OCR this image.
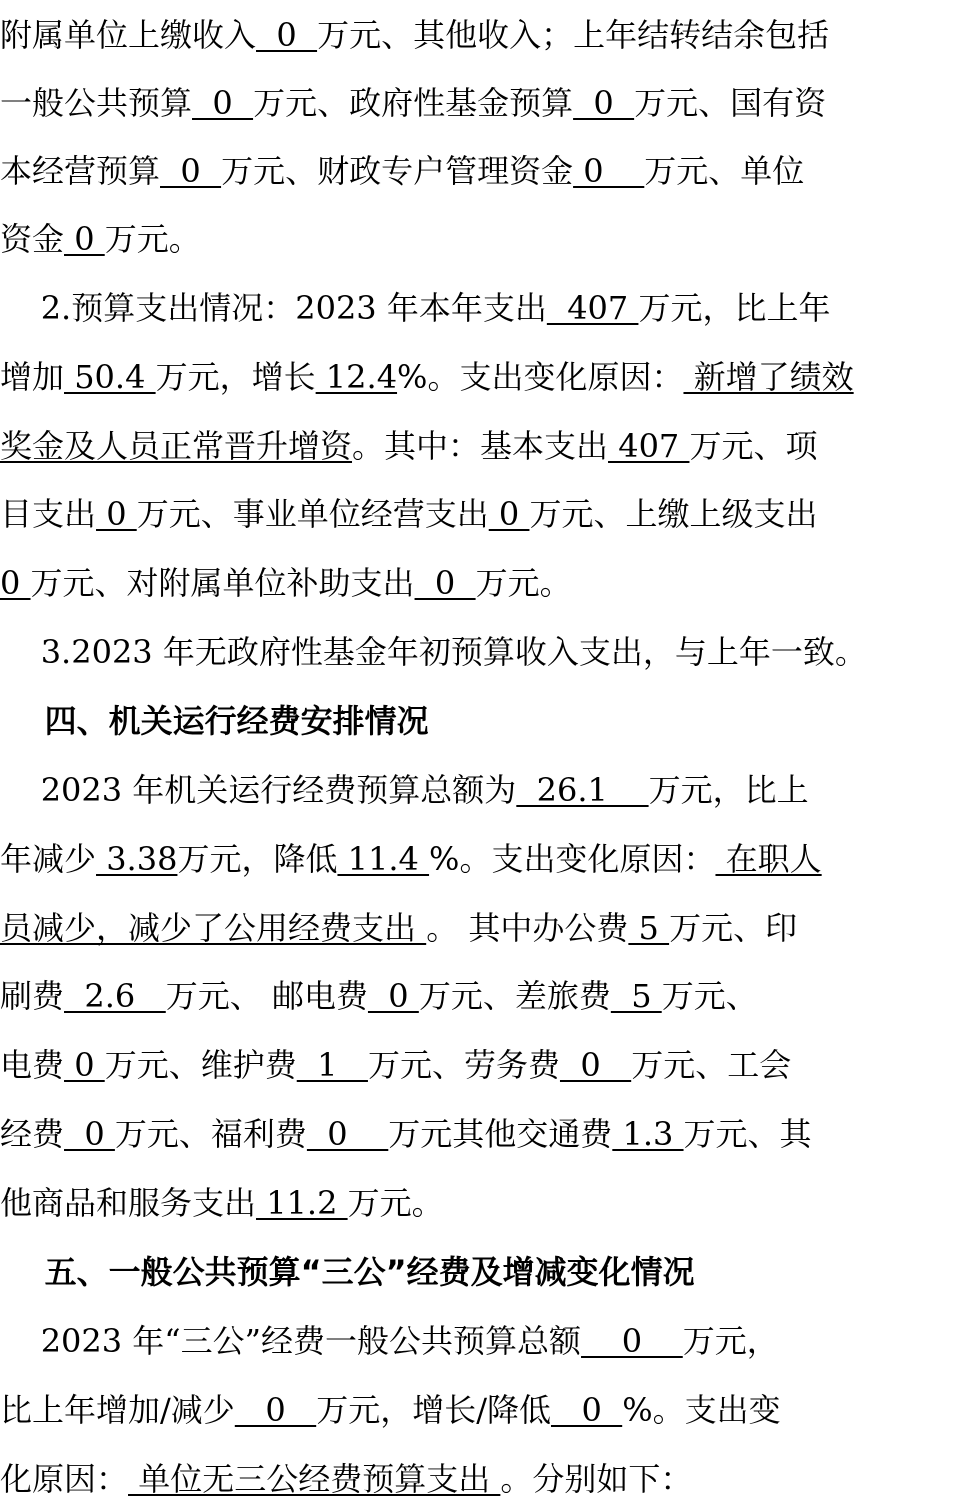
附属单位上缴收入  0  万元、其他收入；上年结转结余包括
一般公共预算  0  万元、政府性基金预算  0  万元、国有资
本经营预算  0  万元、财政专户管理资金 0    万元、单位
资金 0 万元。
2.预算支出情况：2023 年本年支出  407 万元，比上年
增加 50.4 万元，增长 12.4%。支出变化原因： 新增了绩效
奖金及人员正常晋升增资。其中：基本支出 407 万元、项
目支出 0 万元、事业单位经营支出 0 万元、上缴上级支出
0 万元、对附属单位补助支出  0  万元。
3.2023 年无政府性基金年初预算收入支出，与上年一致。
四、机关运行经费安排情况
2023 年机关运行经费预算总额为  26.1    万元，比上
年减少 3.38万元，降低 11.4 %。支出变化原因： 在职人
员减少，减少了公用经费支出 。 其中办公费 5 万元、印
刷费  2.6   万元、 邮电费  0 万元、差旅费  5 万元、
电费 0 万元、维护费  1   万元、劳务费  0   万元、工会
经费  0 万元、福利费  0    万元其他交通费 1.3 万元、其
他商品和服务支出 11.2 万元。
五、一般公共预算“三公”经费及增减变化情况
2023 年“三公”经费一般公共预算总额    0    万元，
比上年增加/减少   0   万元，增长/降低   0  %。支出变
化原因： 单位无三公经费预算支出 。分别如下：
